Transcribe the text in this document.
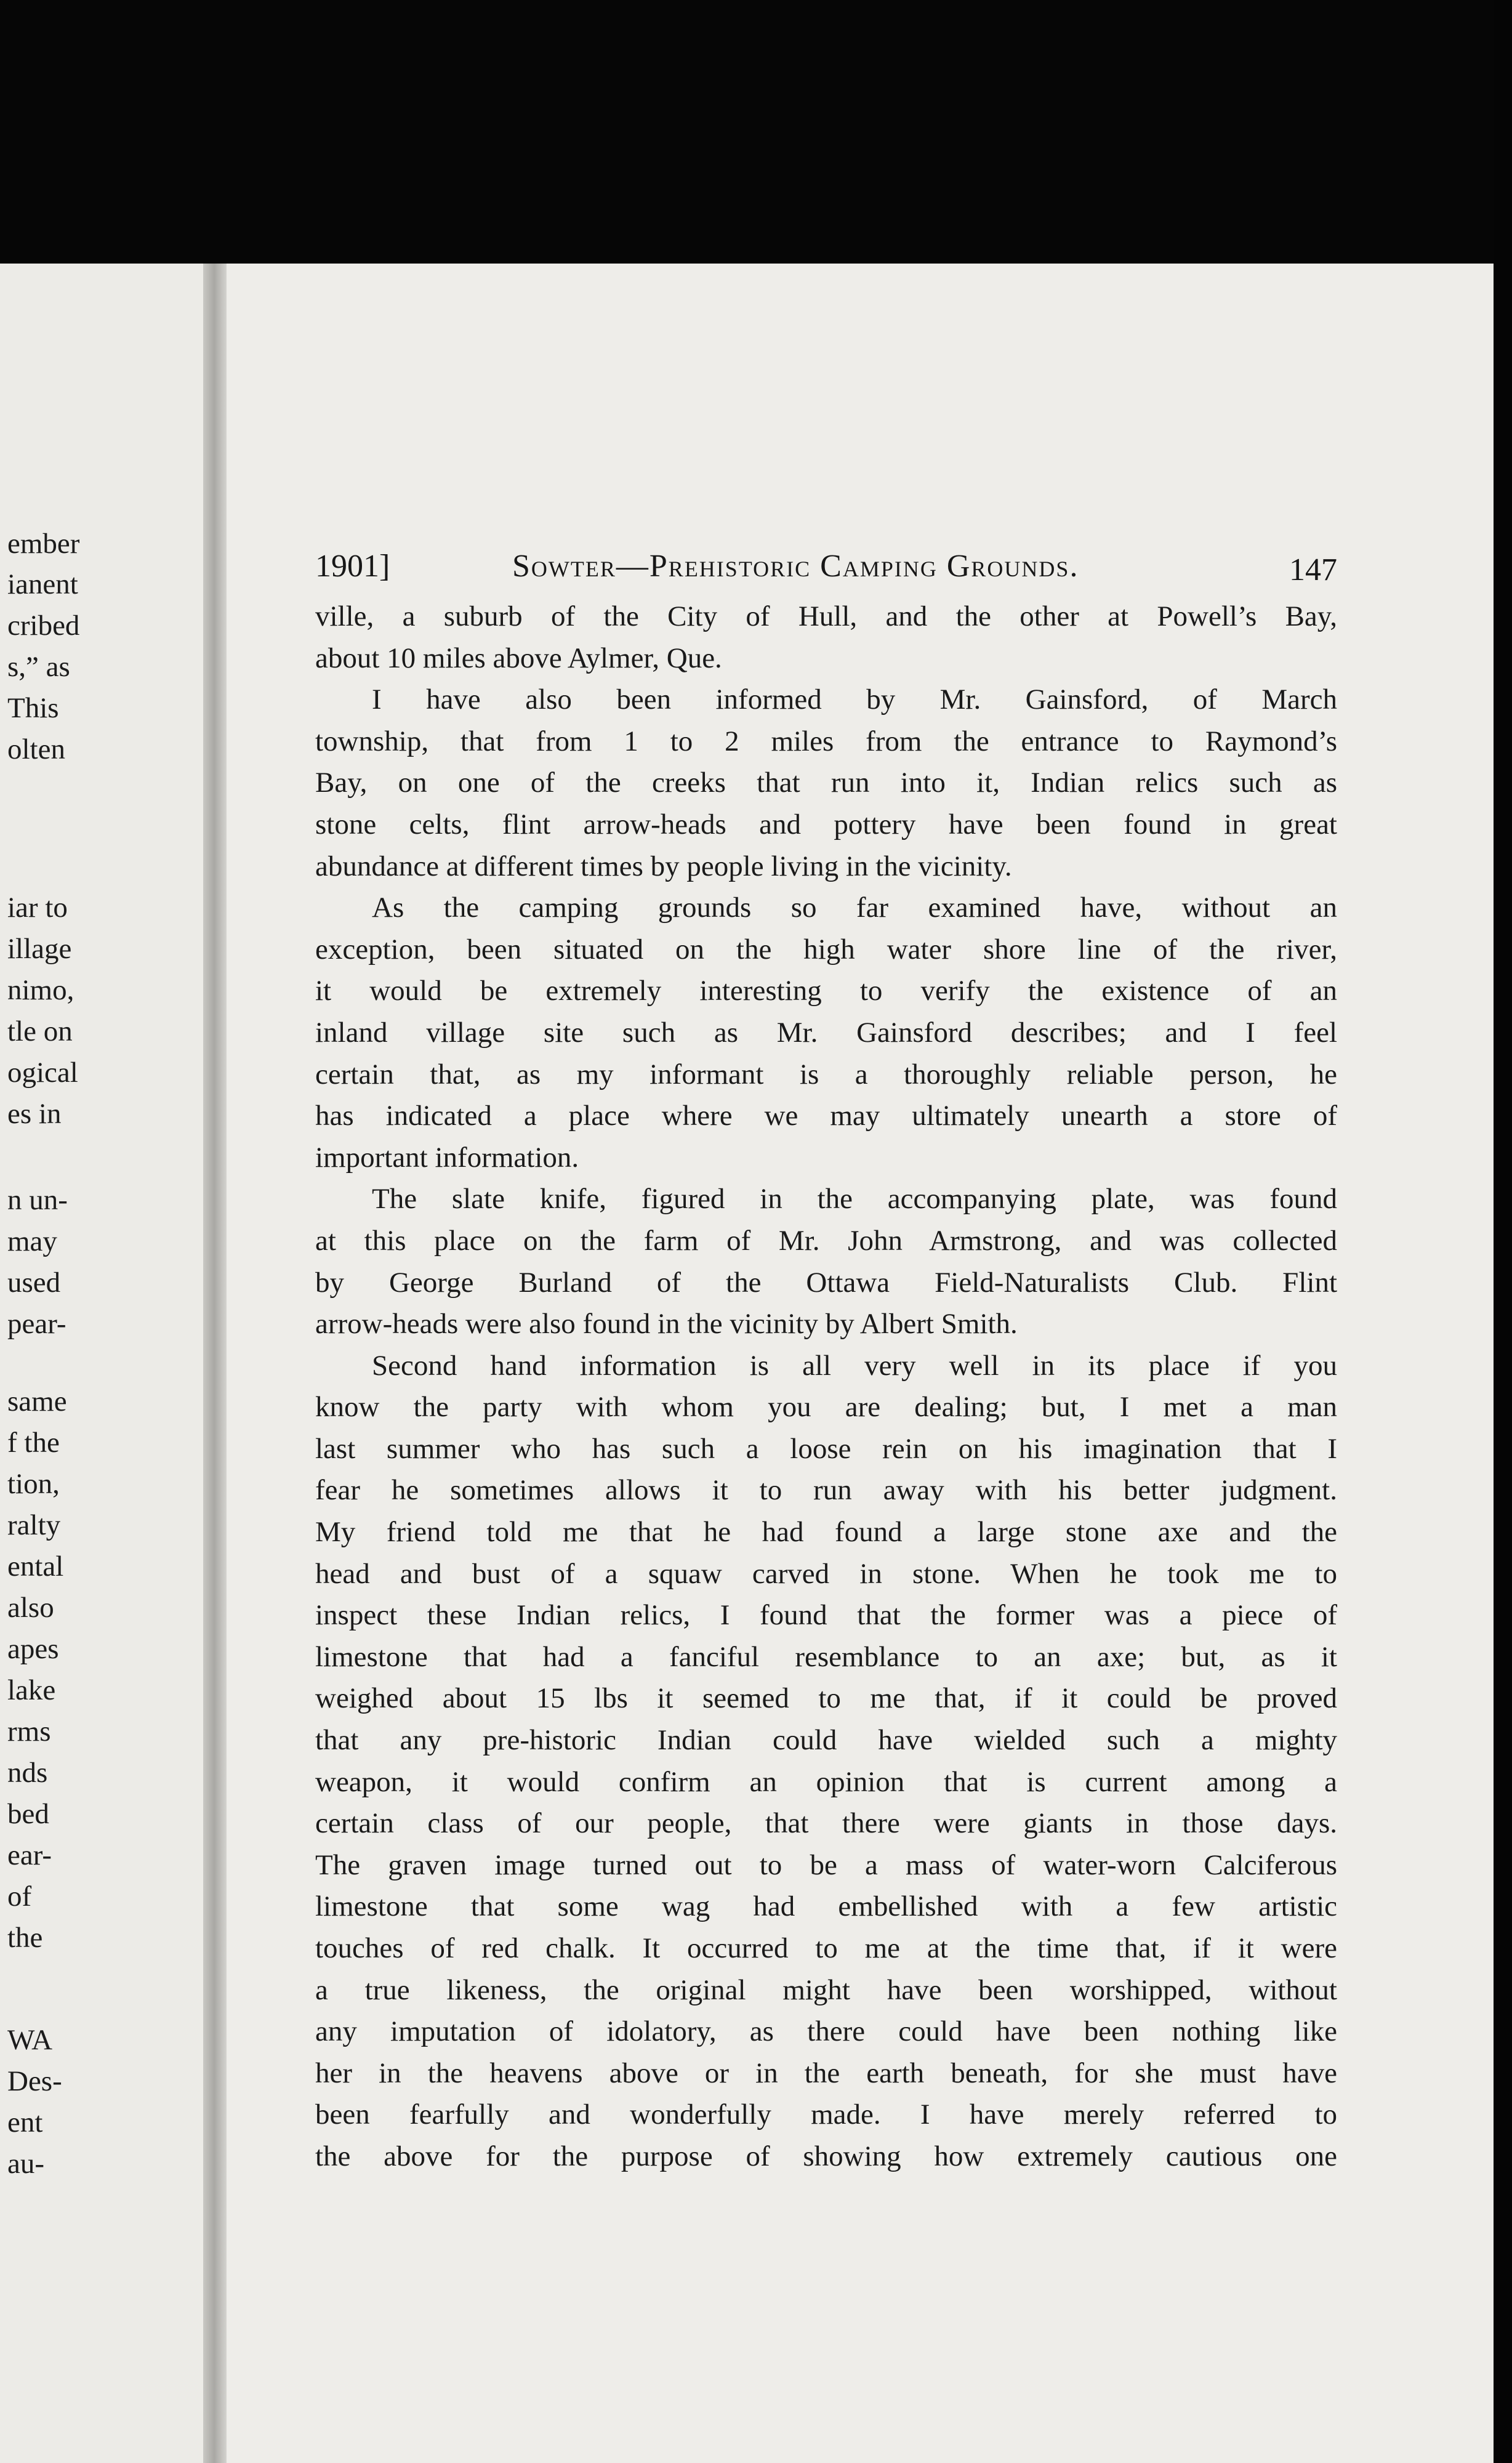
ember
ianent
cribed
s,” as
This
olten
iar to
illage
nimo,
tle on
ogical
es in
n un-
may
used
pear-
same
f the
tion,
ralty
ental
also
apes
lake
rms
nds
bed
ear-
of
the
WA
Des-
ent
au-
1901]	Sowter—Prehistoric Camping Grounds.	147
ville, a suburb of the City of Hull, and the other at Powell’s Bay,
about 10 miles above Aylmer, Que.
I have also been informed by Mr. Gainsford, of March
township, that from 1 to 2 miles from the entrance to Raymond’s
Bay, on one of the creeks that run into it, Indian relics such as
stone celts, flint arrow-heads and pottery have been found in great
abundance at different times by people living in the vicinity.
As the camping grounds so far examined have, without an
exception, been situated on the high water shore line of the river,
it would be extremely interesting to verify the existence of an
inland village site such as Mr. Gainsford describes; and I feel
certain that, as my informant is a thoroughly reliable person, he
has indicated a place where we may ultimately unearth a store of
important information.
The slate knife, figured in the accompanying plate, was found
at this place on the farm of Mr. John Armstrong, and was collected
by George Burland of the Ottawa Field-Naturalists Club. Flint
arrow-heads were also found in the vicinity by Albert Smith.
Second hand information is all very well in its place if you
know the party with whom you are dealing; but, I met a man
last summer who has such a loose rein on his imagination that I
fear he sometimes allows it to run away with his better judgment.
My friend told me that he had found a large stone axe and the
head and bust of a squaw carved in stone. When he took me to
inspect these Indian relics, I found that the former was a piece of
limestone that had a fanciful resemblance to an axe; but, as it
weighed about 15 lbs it seemed to me that, if it could be proved
that any pre-historic Indian could have wielded such a mighty
weapon, it would confirm an opinion that is current among a
certain class of our people, that there were giants in those days.
The graven image turned out to be a mass of water-worn Calciferous
limestone that some wag had embellished with a few artistic
touches of red chalk. It occurred to me at the time that, if it were
a true likeness, the original might have been worshipped, without
any imputation of idolatory, as there could have been nothing like
her in the heavens above or in the earth beneath, for she must have
been fearfully and wonderfully made. I have merely referred to
the above for the purpose of showing how extremely cautious one
